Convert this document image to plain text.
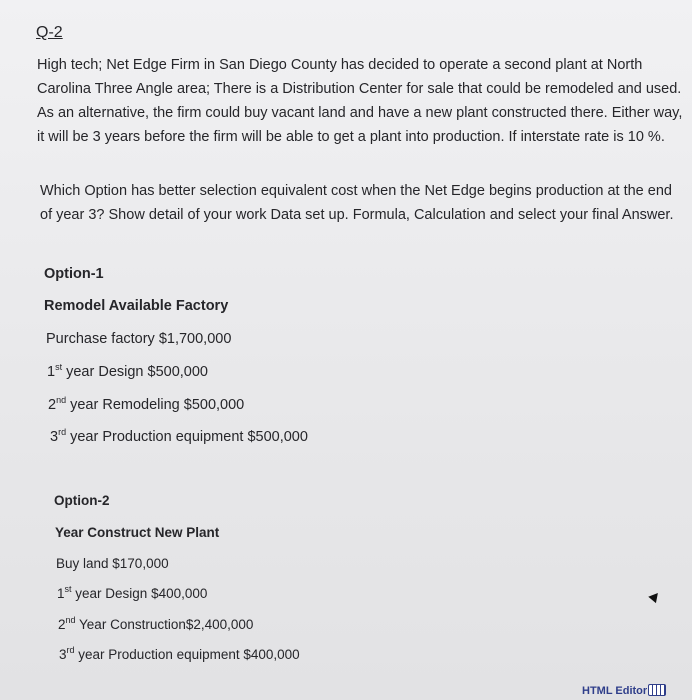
Q-2

High tech; Net Edge Firm in San Diego County has decided to operate a second plant at North Carolina Three Angle area; There is a Distribution Center for sale that could be remodeled and used. As an alternative, the firm could buy vacant land and have a new plant constructed there. Either way, it will be 3 years before the firm will be able to get a plant into production. If interstate rate is 10 %.

Which Option has better selection equivalent cost when the Net Edge begins production at the end of year 3? Show detail of your work Data set up. Formula, Calculation and select your final Answer.

Option-1

Remodel Available Factory

Purchase factory $1,700,000

1st year Design $500,000

2nd year Remodeling $500,000

3rd year Production equipment $500,000

Option-2

Year Construct New Plant

Buy land $170,000

1st year Design $400,000

2nd Year Construction$2,400,000

3rd year Production equipment $400,000

HTML Editor
